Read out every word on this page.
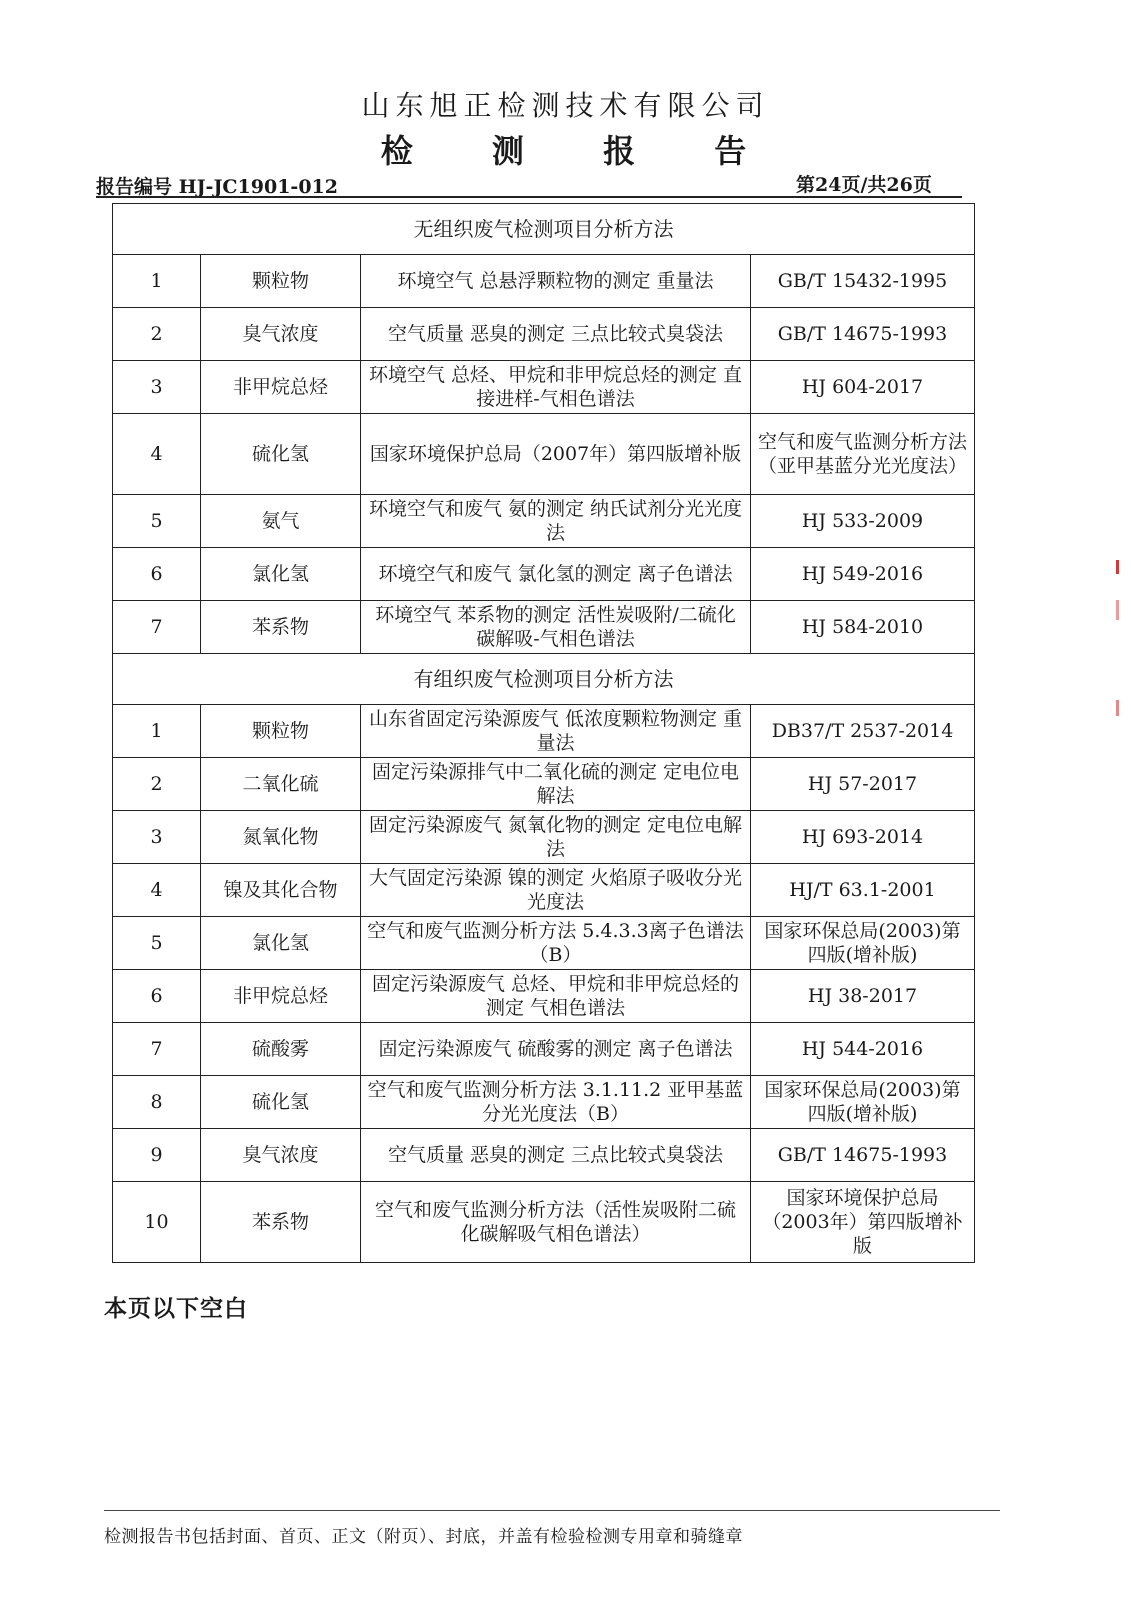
山东旭正检测技术有限公司
检 测 报 告
报告编号 HJ-JC1901-012	第24页/共26页
无组织废气检测项目分析方法			
1	颗粒物	环境空气 总悬浮颗粒物的测定 重量法	GB/T 15432-1995
2	臭气浓度	空气质量 恶臭的测定 三点比较式臭袋法	GB/T 14675-1993
3	非甲烷总烃	环境空气 总烃、甲烷和非甲烷总烃的测定 直接进样-气相色谱法	HJ 604-2017
4	硫化氢	国家环境保护总局（2007年）第四版增补版	空气和废气监测分析方法 （亚甲基蓝分光光度法）
5	氨气	环境空气和废气 氨的测定 纳氏试剂分光光度法	HJ 533-2009
6	氯化氢	环境空气和废气 氯化氢的测定 离子色谱法	HJ 549-2016
7	苯系物	环境空气 苯系物的测定 活性炭吸附/二硫化碳解吸-气相色谱法	HJ 584-2010
有组织废气检测项目分析方法			
1	颗粒物	山东省固定污染源废气 低浓度颗粒物测定 重量法	DB37/T 2537-2014
2	二氧化硫	固定污染源排气中二氧化硫的测定 定电位电解法	HJ 57-2017
3	氮氧化物	固定污染源废气 氮氧化物的测定 定电位电解法	HJ 693-2014
4	镍及其化合物	大气固定污染源 镍的测定 火焰原子吸收分光光度法	HJ/T 63.1-2001
5	氯化氢	空气和废气监测分析方法 5.4.3.3离子色谱法（B）	国家环保总局(2003)第四版(增补版)
6	非甲烷总烃	固定污染源废气 总烃、甲烷和非甲烷总烃的测定 气相色谱法	HJ 38-2017
7	硫酸雾	固定污染源废气 硫酸雾的测定 离子色谱法	HJ 544-2016
8	硫化氢	空气和废气监测分析方法 3.1.11.2 亚甲基蓝分光光度法（B）	国家环保总局(2003)第四版(增补版)
9	臭气浓度	空气质量 恶臭的测定 三点比较式臭袋法	GB/T 14675-1993
10	苯系物	空气和废气监测分析方法（活性炭吸附二硫化碳解吸气相色谱法）	国家环境保护总局（2003年）第四版增补版
本页以下空白
检测报告书包括封面、首页、正文（附页）、封底，并盖有检验检测专用章和骑缝章
